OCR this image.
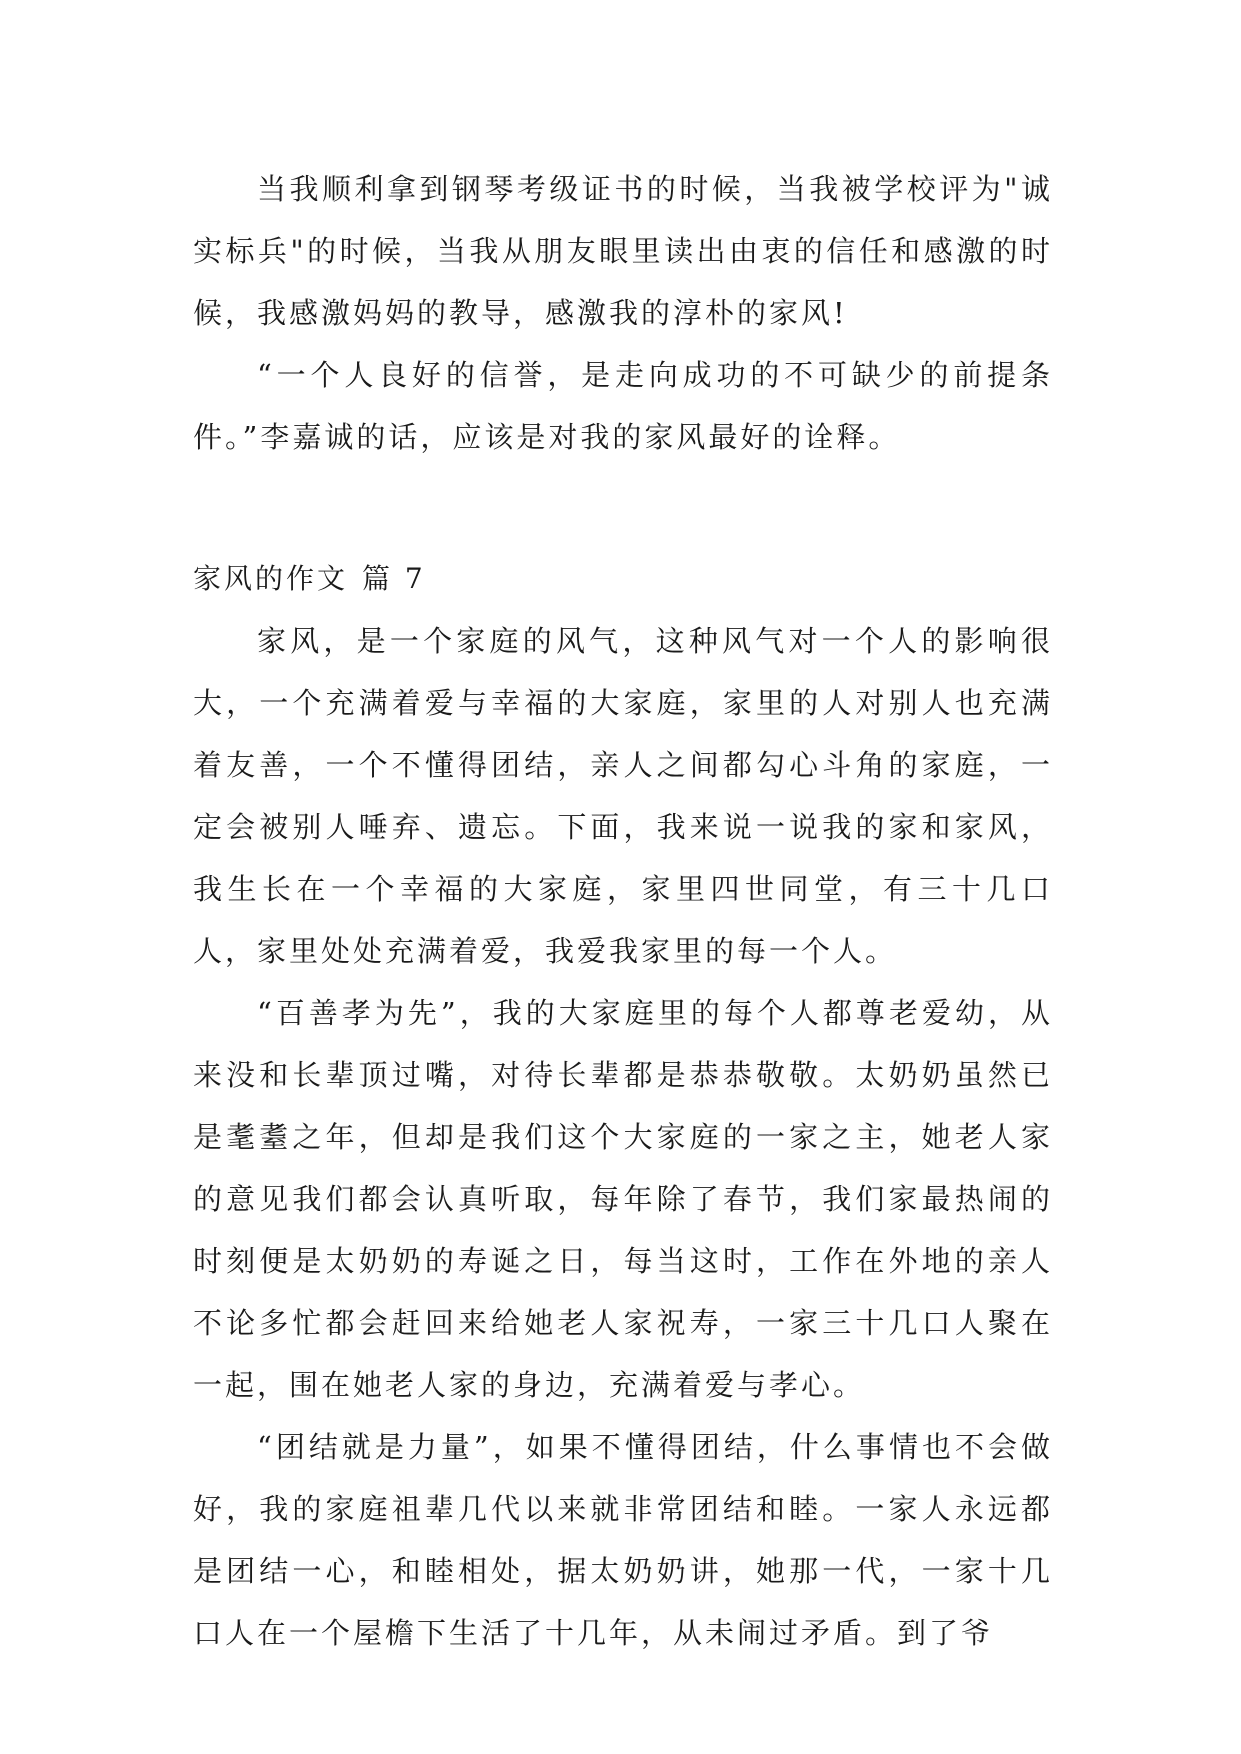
当我顺利拿到钢琴考级证书的时候，当我被学校评为"诚实标兵"的时候，当我从朋友眼里读出由衷的信任和感激的时候，我感激妈妈的教导，感激我的淳朴的家风!

“一个人良好的信誉，是走向成功的不可缺少的前提条件。”李嘉诚的话，应该是对我的家风最好的诠释。

家风的作文 篇 7

家风，是一个家庭的风气，这种风气对一个人的影响很大，一个充满着爱与幸福的大家庭，家里的人对别人也充满着友善，一个不懂得团结，亲人之间都勾心斗角的家庭，一定会被别人唾弃、遗忘。下面，我来说一说我的家和家风，我生长在一个幸福的大家庭，家里四世同堂，有三十几口人，家里处处充满着爱，我爱我家里的每一个人。

“百善孝为先”，我的大家庭里的每个人都尊老爱幼，从来没和长辈顶过嘴，对待长辈都是恭恭敬敬。太奶奶虽然已是耄耋之年，但却是我们这个大家庭的一家之主，她老人家的意见我们都会认真听取，每年除了春节，我们家最热闹的时刻便是太奶奶的寿诞之日，每当这时，工作在外地的亲人不论多忙都会赶回来给她老人家祝寿，一家三十几口人聚在一起，围在她老人家的身边，充满着爱与孝心。

“团结就是力量”，如果不懂得团结，什么事情也不会做好，我的家庭祖辈几代以来就非常团结和睦。一家人永远都是团结一心，和睦相处，据太奶奶讲，她那一代，一家十几口人在一个屋檐下生活了十几年，从未闹过矛盾。到了爷
